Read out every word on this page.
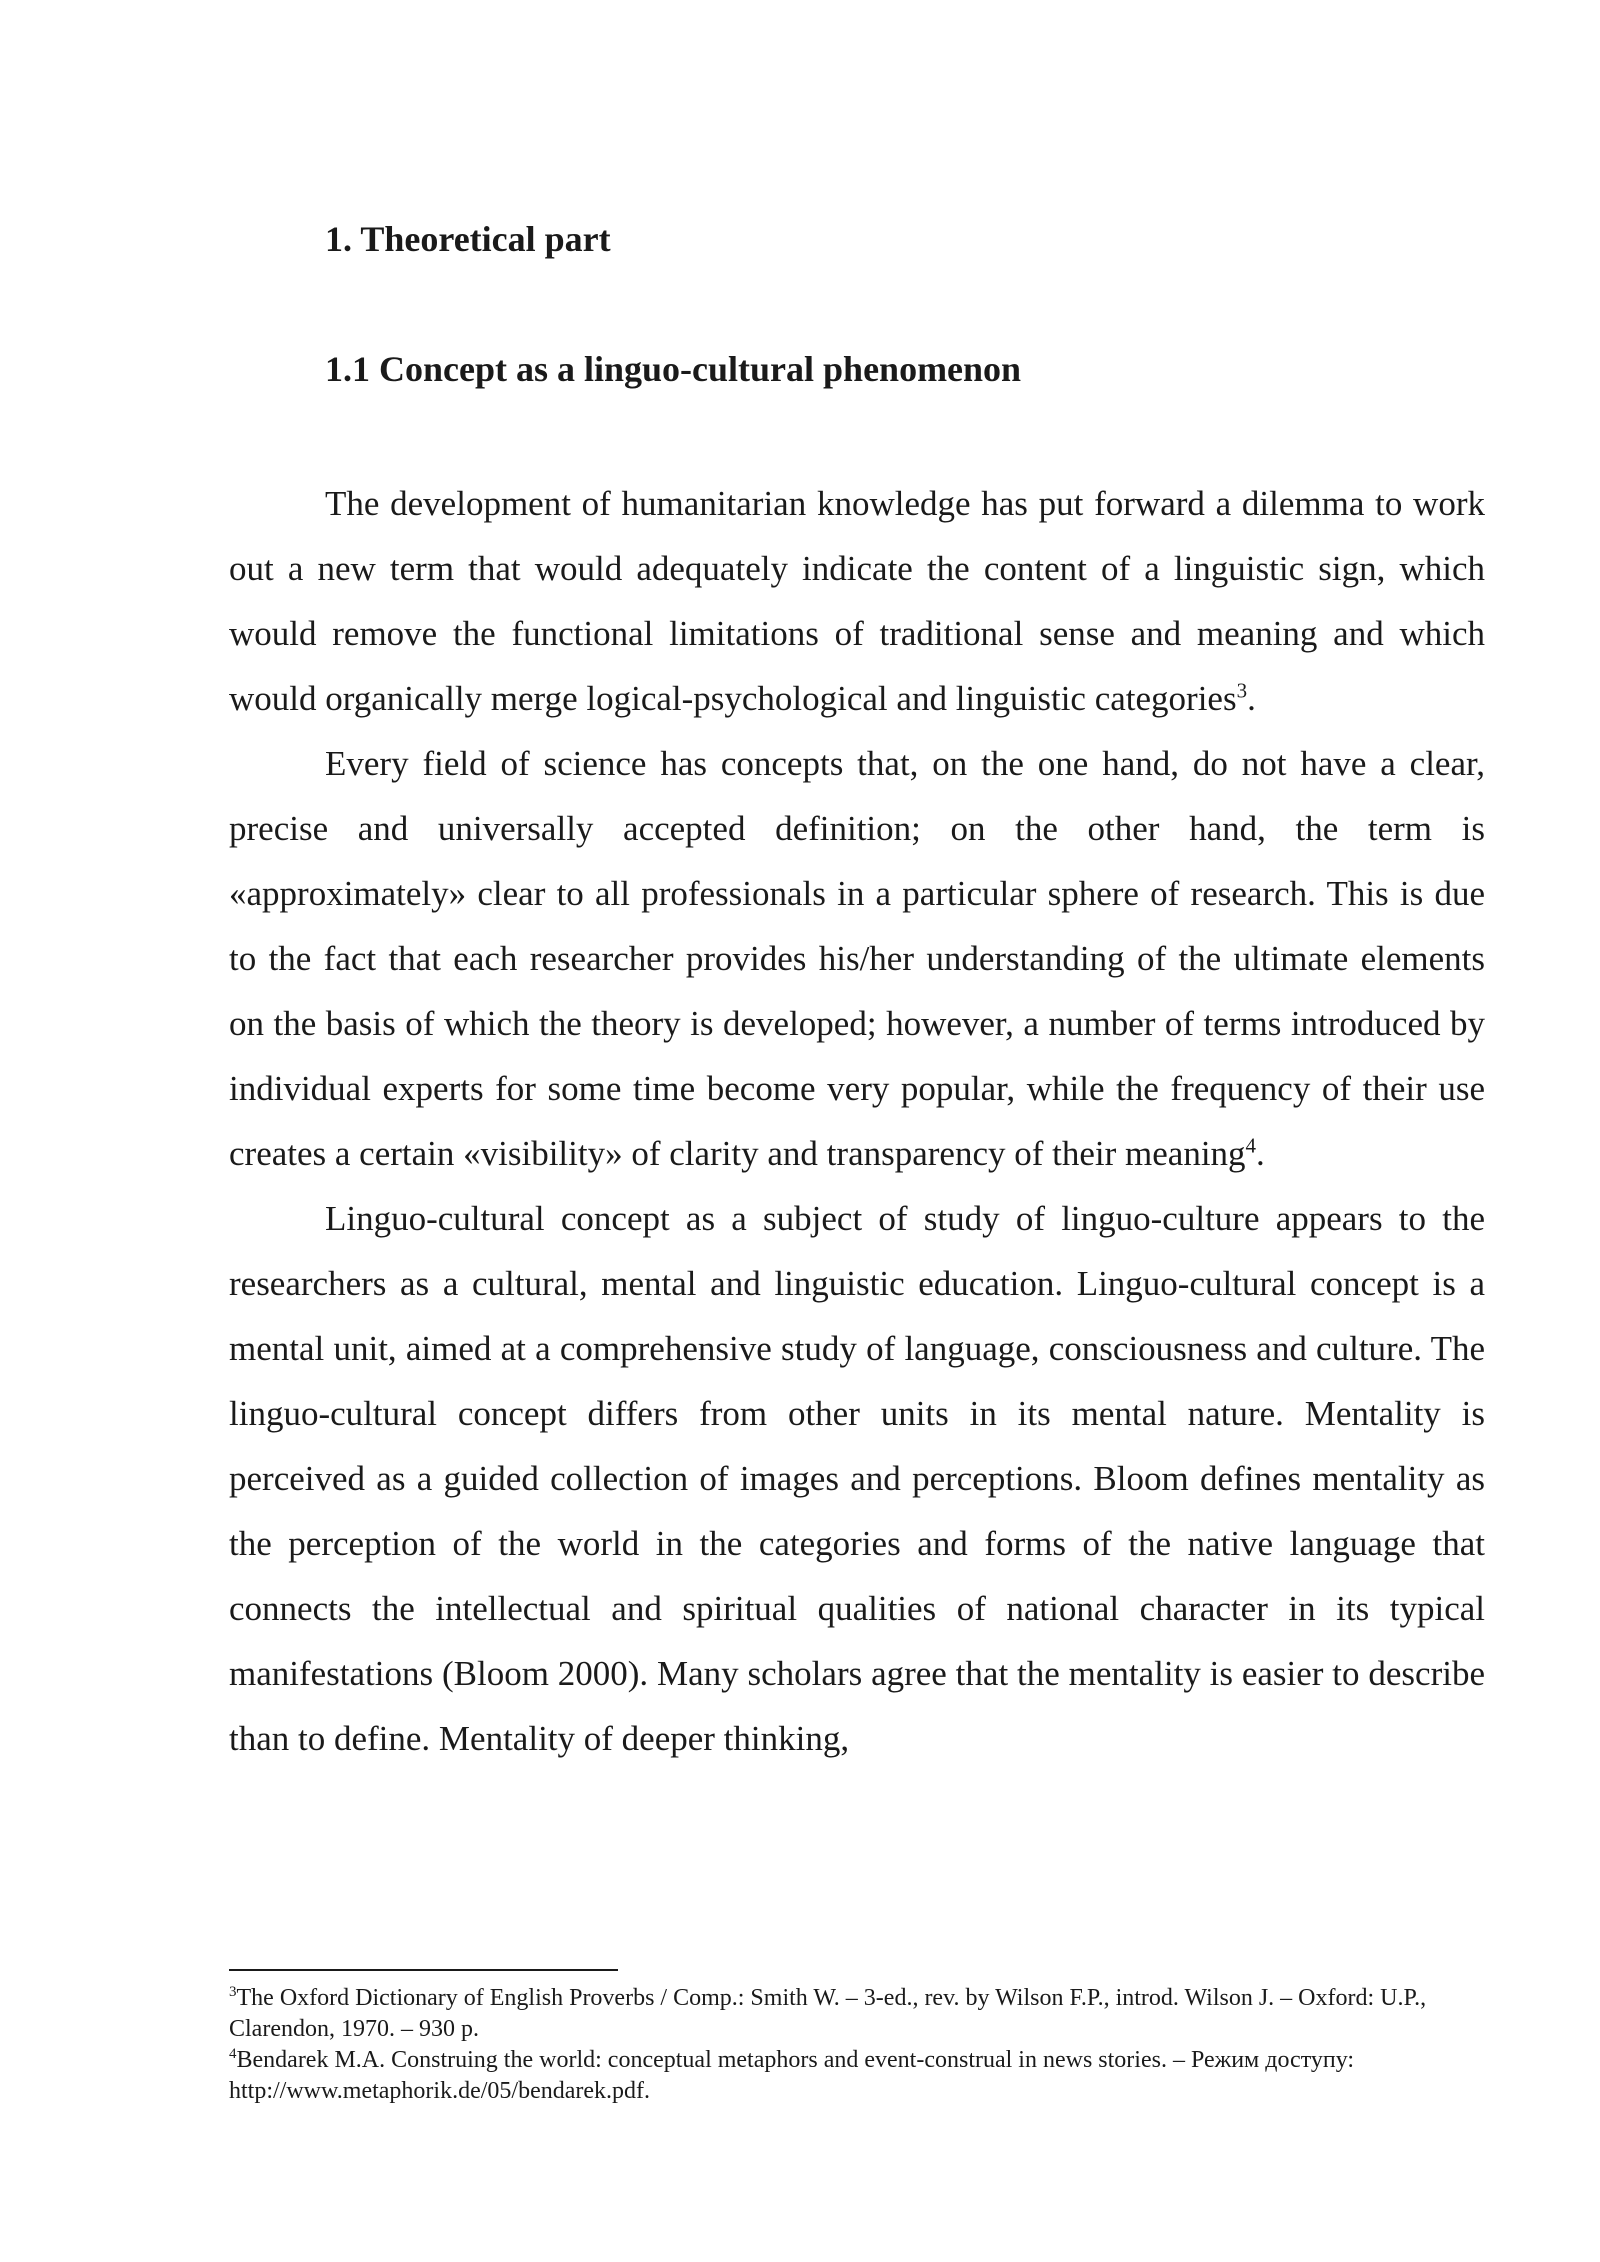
1. Theoretical part
1.1 Concept as a linguo-cultural phenomenon

The development of humanitarian knowledge has put forward a dilemma to work out a new term that would adequately indicate the content of a linguistic sign, which would remove the functional limitations of traditional sense and meaning and which would organically merge logical-psychological and linguistic categories$^3$.

Every field of science has concepts that, on the one hand, do not have a clear, precise and universally accepted definition; on the other hand, the term is «approximately» clear to all professionals in a particular sphere of research. This is due to the fact that each researcher provides his/her understanding of the ultimate elements on the basis of which the theory is developed; however, a number of terms introduced by individual experts for some time become very popular, while the frequency of their use creates a certain «visibility» of clarity and transparency of their meaning$^4$.

Linguo-cultural concept as a subject of study of linguo-culture appears to the researchers as a cultural, mental and linguistic education. Linguo-cultural concept is a mental unit, aimed at a comprehensive study of language, consciousness and culture. The linguo-cultural concept differs from other units in its mental nature. Mentality is perceived as a guided collection of images and perceptions. Bloom defines mentality as the perception of the world in the categories and forms of the native language that connects the intellectual and spiritual qualities of national character in its typical manifestations (Bloom 2000). Many scholars agree that the mentality is easier to describe than to define. Mentality of deeper thinking,

$^3$The Oxford Dictionary of English Proverbs / Comp.: Smith W. – 3-ed., rev. by Wilson F.P., introd. Wilson J. – Oxford: U.P., Clarendon, 1970. – 930 p.

$^4$Bendarek M.A. Construing the world: conceptual metaphors and event-construal in news stories. – Режим доступу: http://www.metaphorik.de/05/bendarek.pdf.
